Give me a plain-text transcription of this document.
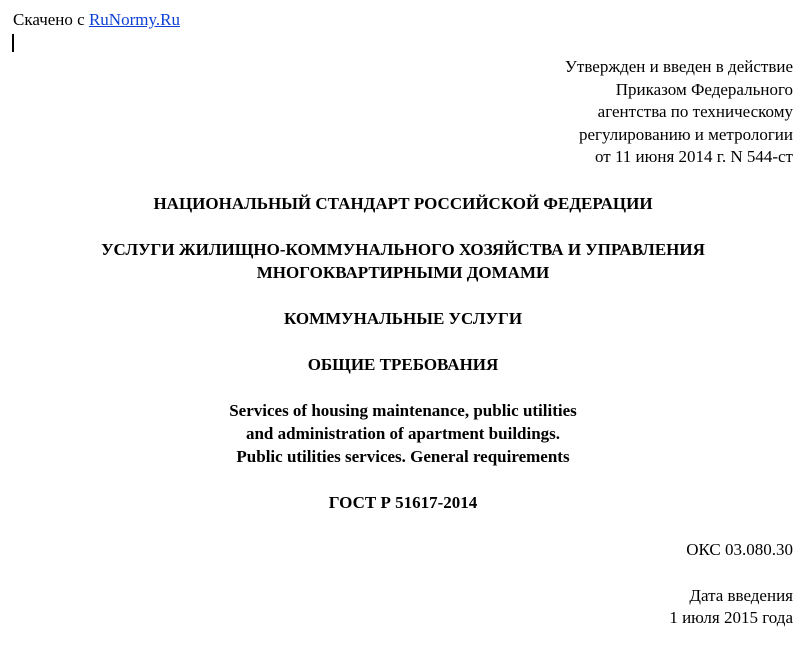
Скачено с RuNormy.Ru
Утвержден и введен в действие
Приказом Федерального
агентства по техническому
регулированию и метрологии
от 11 июня 2014 г. N 544-ст
НАЦИОНАЛЬНЫЙ СТАНДАРТ РОССИЙСКОЙ ФЕДЕРАЦИИ
УСЛУГИ ЖИЛИЩНО-КОММУНАЛЬНОГО ХОЗЯЙСТВА И УПРАВЛЕНИЯ
МНОГОКВАРТИРНЫМИ ДОМАМИ
КОММУНАЛЬНЫЕ УСЛУГИ
ОБЩИЕ ТРЕБОВАНИЯ
Services of housing maintenance, public utilities
and administration of apartment buildings.
Public utilities services. General requirements
ГОСТ Р 51617-2014
ОКС 03.080.30
Дата введения
1 июля 2015 года
